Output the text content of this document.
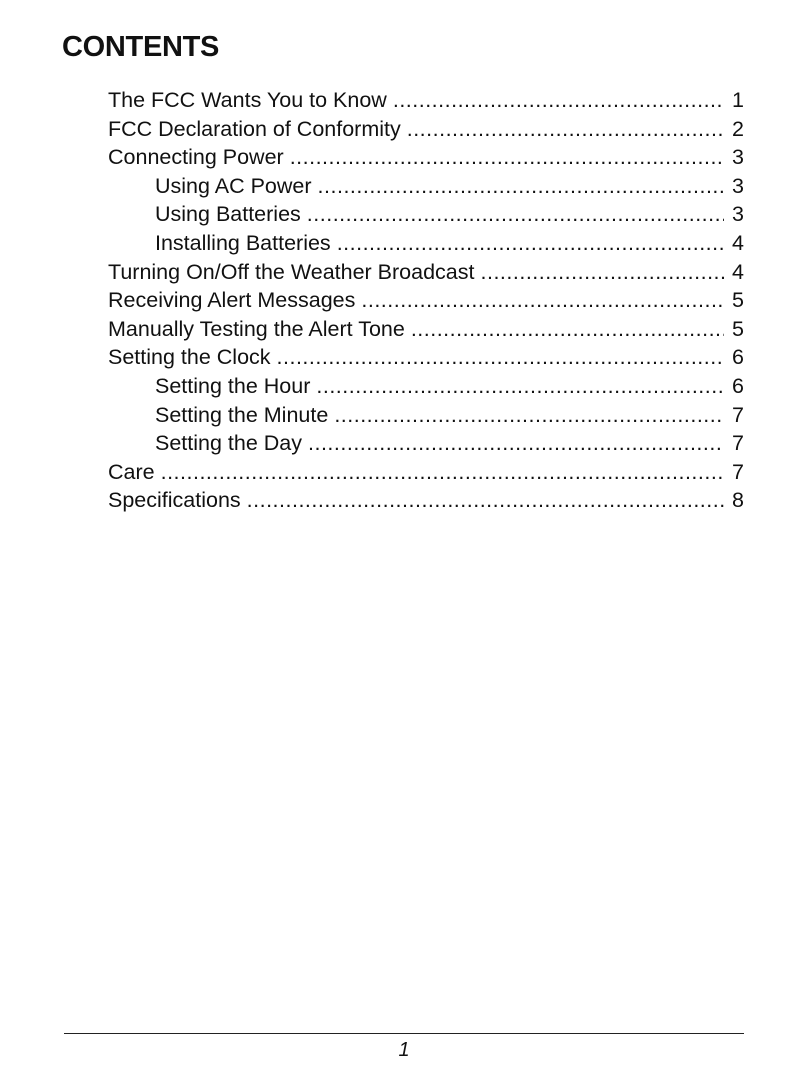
CONTENTS
The FCC Wants You to Know .....	1
FCC Declaration of Conformity .....	2
Connecting Power .....	3
Using AC Power .....	3
Using Batteries .....	3
Installing Batteries .....	4
Turning On/Off the Weather Broadcast .....	4
Receiving Alert Messages .....	5
Manually Testing the Alert Tone .....	5
Setting the Clock .....	6
Setting the Hour .....	6
Setting the Minute .....	7
Setting the Day .....	7
Care .....	7
Specifications .....	8
1
